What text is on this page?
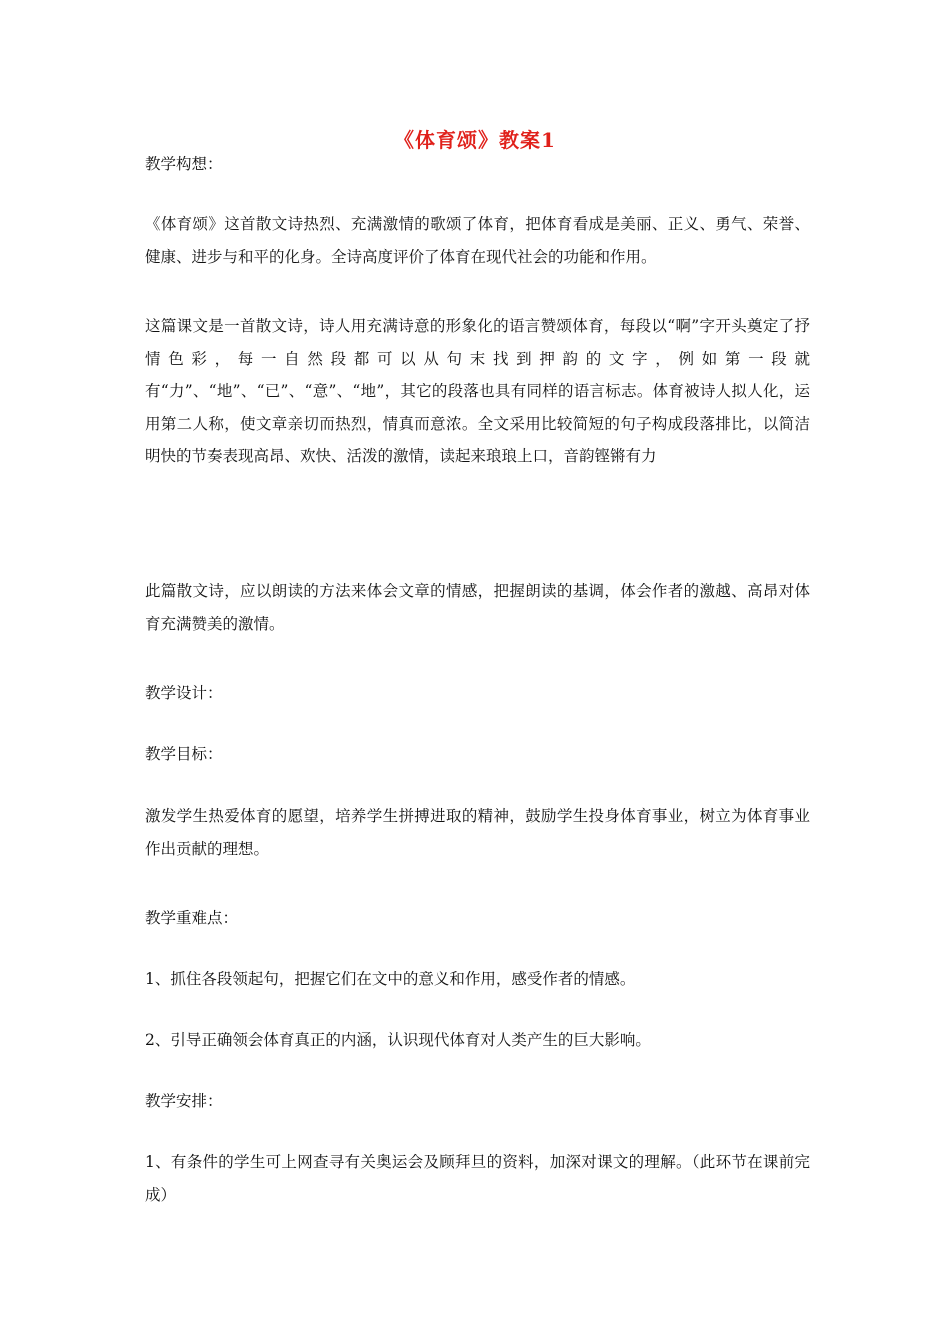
《体育颂》教案1

教学构想：

《体育颂》这首散文诗热烈、充满激情的歌颂了体育，把体育看成是美丽、正义、勇气、荣誉、健康、进步与和平的化身。全诗高度评价了体育在现代社会的功能和作用。

这篇课文是一首散文诗，诗人用充满诗意的形象化的语言赞颂体育，每段以“啊”字开头奠定了抒情色彩，每一自然段都可以从句末找到押韵的文字，例如第一段就有“力”、“地”、“已”、“意”、“地”，其它的段落也具有同样的语言标志。体育被诗人拟人化，运用第二人称，使文章亲切而热烈，情真而意浓。全文采用比较简短的句子构成段落排比，以简洁明快的节奏表现高昂、欢快、活泼的激情，读起来琅琅上口，音韵铿锵有力

此篇散文诗，应以朗读的方法来体会文章的情感，把握朗读的基调，体会作者的激越、高昂对体育充满赞美的激情。

教学设计：

教学目标：

激发学生热爱体育的愿望，培养学生拼搏进取的精神，鼓励学生投身体育事业，树立为体育事业作出贡献的理想。

教学重难点：

1、抓住各段领起句，把握它们在文中的意义和作用，感受作者的情感。

2、引导正确领会体育真正的内涵，认识现代体育对人类产生的巨大影响。

教学安排：

1、有条件的学生可上网查寻有关奥运会及顾拜旦的资料，加深对课文的理解。（此环节在课前完成）
